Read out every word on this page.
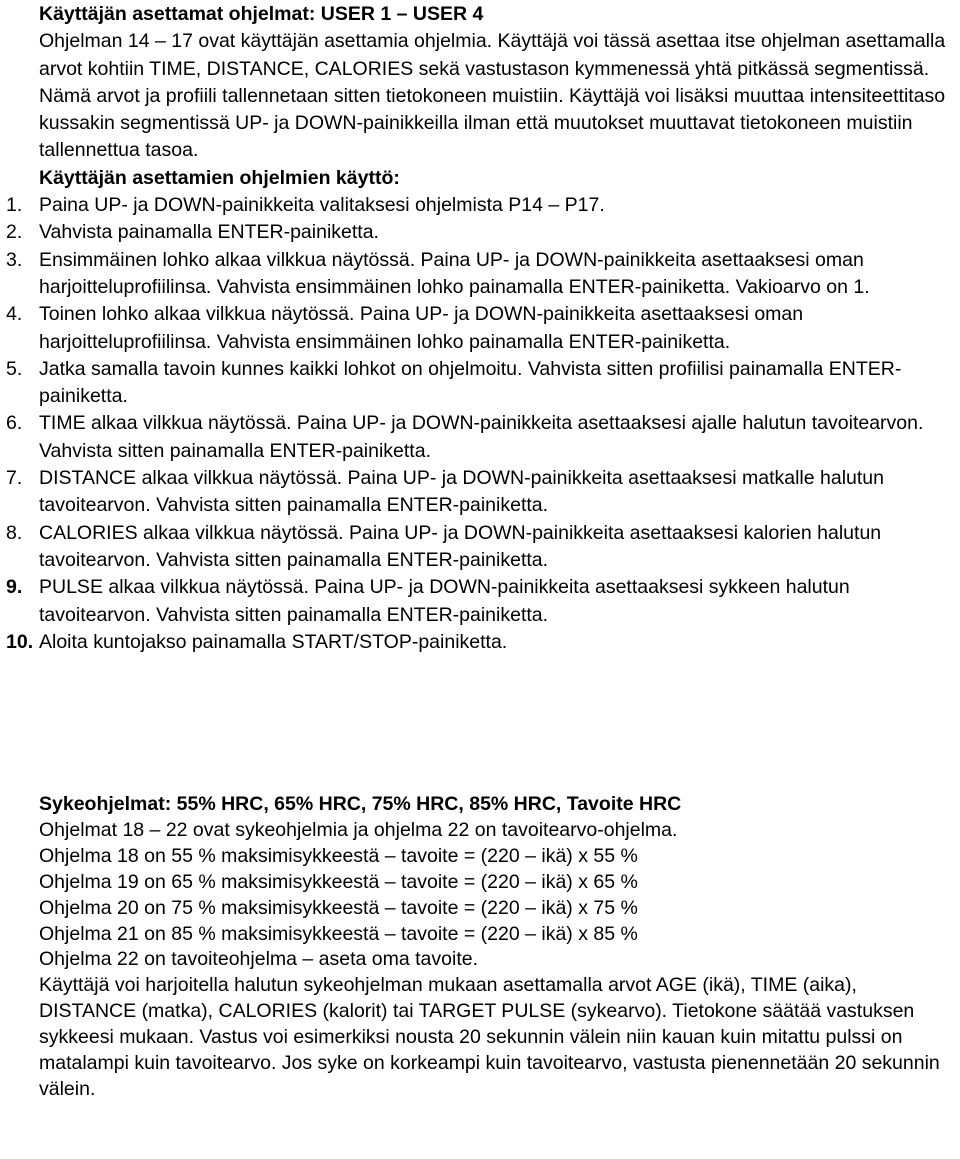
Käyttäjän asettamat ohjelmat: USER 1 – USER 4

Ohjelman 14 – 17 ovat käyttäjän asettamia ohjelmia. Käyttäjä voi tässä asettaa itse ohjelman asettamalla arvot kohtiin TIME, DISTANCE, CALORIES sekä vastustason kymmenessä yhtä pitkässä segmentissä. Nämä arvot ja profiili tallennetaan sitten tietokoneen muistiin. Käyttäjä voi lisäksi muuttaa intensiteettitaso kussakin segmentissä UP- ja DOWN-painikkeilla ilman että muutokset muuttavat tietokoneen muistiin tallennettua tasoa.

Käyttäjän asettamien ohjelmien käyttö:

1. Paina UP- ja DOWN-painikkeita valitaksesi ohjelmista P14 – P17.
2. Vahvista painamalla ENTER-painiketta.
3. Ensimmäinen lohko alkaa vilkkua näytössä. Paina UP- ja DOWN-painikkeita asettaaksesi oman harjoitteluprofiilinsa. Vahvista ensimmäinen lohko painamalla ENTER-painiketta. Vakioarvo on 1.
4. Toinen lohko alkaa vilkkua näytössä. Paina UP- ja DOWN-painikkeita asettaaksesi oman harjoitteluprofiilinsa. Vahvista ensimmäinen lohko painamalla ENTER-painiketta.
5. Jatka samalla tavoin kunnes kaikki lohkot on ohjelmoitu. Vahvista sitten profiilisi painamalla ENTER-painiketta.
6. TIME alkaa vilkkua näytössä. Paina UP- ja DOWN-painikkeita asettaaksesi ajalle halutun tavoitearvon. Vahvista sitten painamalla ENTER-painiketta.
7. DISTANCE alkaa vilkkua näytössä. Paina UP- ja DOWN-painikkeita asettaaksesi matkalle halutun tavoitearvon. Vahvista sitten painamalla ENTER-painiketta.
8. CALORIES alkaa vilkkua näytössä. Paina UP- ja DOWN-painikkeita asettaaksesi kalorien halutun tavoitearvon. Vahvista sitten painamalla ENTER-painiketta.
9. PULSE alkaa vilkkua näytössä. Paina UP- ja DOWN-painikkeita asettaaksesi sykkeen halutun tavoitearvon. Vahvista sitten painamalla ENTER-painiketta.
10. Aloita kuntojakso painamalla START/STOP-painiketta.

Sykeohjelmat: 55% HRC, 65% HRC, 75% HRC, 85% HRC, Tavoite HRC

Ohjelmat 18 – 22 ovat sykeohjelmia ja ohjelma 22 on tavoitearvo-ohjelma.

Ohjelma 18 on 55 % maksimisykkeestä – tavoite = (220 – ikä) x 55 %

Ohjelma 19 on 65 % maksimisykkeestä – tavoite = (220 – ikä) x 65 %

Ohjelma 20 on 75 % maksimisykkeestä – tavoite = (220 – ikä) x 75 %

Ohjelma 21 on 85 % maksimisykkeestä – tavoite = (220 – ikä) x 85 %

Ohjelma 22 on tavoiteohjelma – aseta oma tavoite.

Käyttäjä voi harjoitella halutun sykeohjelman mukaan asettamalla arvot AGE (ikä), TIME (aika), DISTANCE (matka), CALORIES (kalorit) tai TARGET PULSE (sykearvo). Tietokone säätää vastuksen sykkeesi mukaan. Vastus voi esimerkiksi nousta 20 sekunnin välein niin kauan kuin mitattu pulssi on matalampi kuin tavoitearvo. Jos syke on korkeampi kuin tavoitearvo, vastusta pienennetään 20 sekunnin välein.
